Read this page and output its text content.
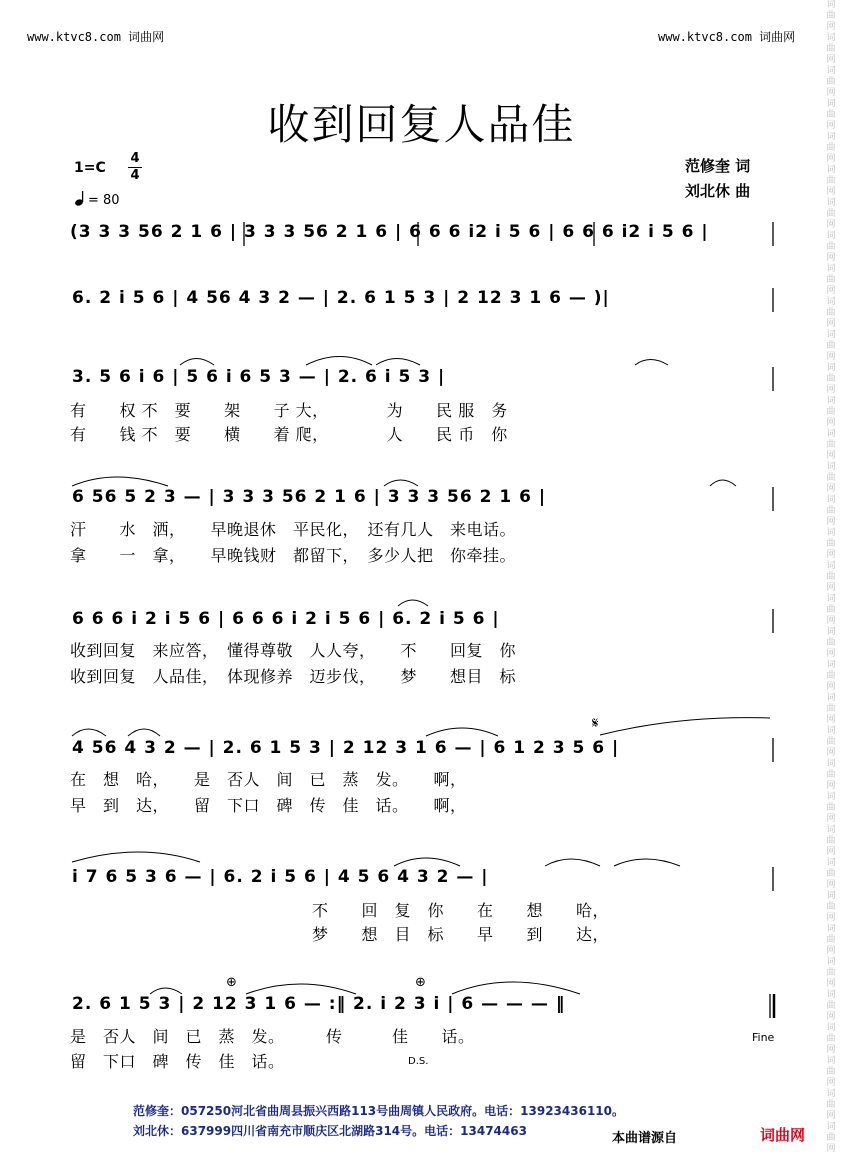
词
曲
网
词
曲
网
词
曲
网
词
曲
网
词
曲
网
词
曲
网
词
曲
网
词
曲
网
词
曲
网
词
曲
网
词
曲
网
词
曲
网
词
曲
网
词
曲
网
词
曲
网
词
曲
网
词
曲
网
词
曲
网
词
曲
网
词
曲
网
词
曲
网
词
曲
网
词
曲
网
词
曲
网
词
曲
网
词
曲
网
词
曲
网
词
曲
网
词
曲
网
词
曲
网
词
曲
网
词
曲
网
词
曲
网
词
曲
网
词
曲
网
www.ktvc8.com 词曲网	www.ktvc8.com 词曲网
收到回复人品佳
1=C
4
4
= 80
范修奎 词
刘北休 曲
(3 3 3 56 2 1 6 | 3 3 3 56 2 1 6 | 6 6 6 i2 i 5 6 | 6 6 6 i2 i 5 6 |
6. 2 i 5 6 | 4 56 4 3 2 — | 2. 6 1 5 3 | 2 12 3 1 6 — )|
3. 5 6 i 6 | 5 6 i 6 5 3 — | 2. 6 i 5 3 |
有　　权 不　要　　架　　子 大，　　　　为　　民 服　务
有　　钱 不　要　　横　　着 爬，　　　　人　　民 币　你
6 56 5 2 3 — | 3 3 3 56 2 1 6 | 3 3 3 56 2 1 6 |
汗　　水　洒，　　早晚退休　平民化，　还有几人　来电话。
拿　　一　拿，　　早晚钱财　都留下，　多少人把　你牵挂。
6 6 6 i 2 i 5 6 | 6 6 6 i 2 i 5 6 | 6. 2 i 5 6 |
收到回复　来应答，　懂得尊敬　人人夸，　　不　　回复　你
收到回复　人品佳，　体现修养　迈步伐，　　梦　　想目　标
4 56 4 3 2 — | 2. 6 1 5 3 | 2 12 3 1 6 — | 6 1 2 3 5 6 |
在　想　哈，　　是　否人　间　已　蒸　发。　　啊，
早　到　达，　　留　下口　碑　传　佳　话。　　啊，
i 7 6 5 3 6 — | 6. 2 i 5 6 | 4 5 6 4 3 2 — |
不　　回　复　你　　在　　想　　哈，
梦　　想　目　标　　早　　到　　达，
2. 6 1 5 3 | 2 12 3 1 6 — :‖ 2. i 2 3 i | 6 — — — ‖
是　否人　间　已　蒸　发。　　　传　　　佳　　话。
留　下口　碑　传　佳　话。
Fine
D.S.
𝄋
⊕	⊕
范修奎：057250河北省曲周县振兴西路113号曲周镇人民政府。电话：13923436110。
刘北休：637999四川省南充市顺庆区北湖路314号。电话：13474463	本曲谱源自	词曲网
